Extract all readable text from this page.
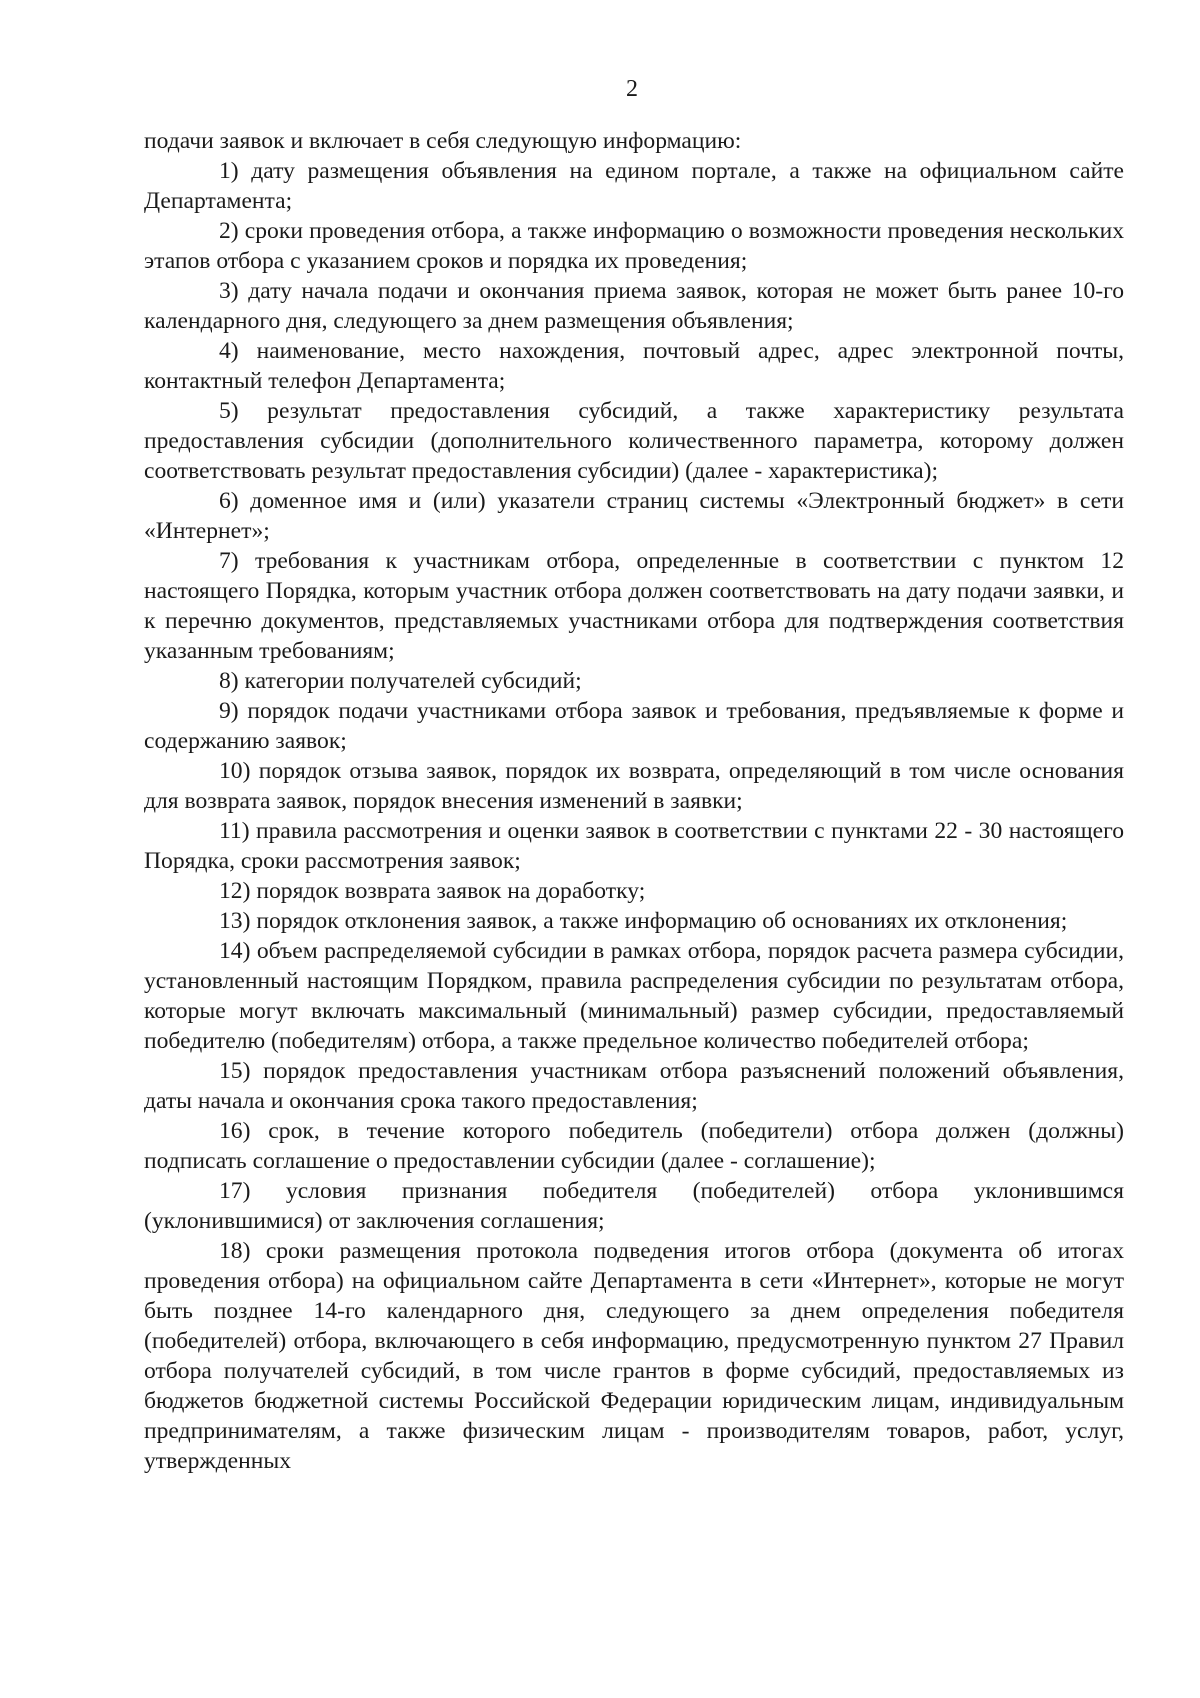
2

подачи заявок и включает в себя следующую информацию:

1) дату размещения объявления на едином портале, а также на официальном сайте Департамента;

2) сроки проведения отбора, а также информацию о возможности проведения нескольких этапов отбора с указанием сроков и порядка их проведения;

3) дату начала подачи и окончания приема заявок, которая не может быть ранее 10-го календарного дня, следующего за днем размещения объявления;

4) наименование, место нахождения, почтовый адрес, адрес электронной почты, контактный телефон Департамента;

5) результат предоставления субсидий, а также характеристику результата предоставления субсидии (дополнительного количественного параметра, которому должен соответствовать результат предоставления субсидии) (далее - характеристика);

6) доменное имя и (или) указатели страниц системы «Электронный бюджет» в сети «Интернет»;

7) требования к участникам отбора, определенные в соответствии с пунктом 12 настоящего Порядка, которым участник отбора должен соответствовать на дату подачи заявки, и к перечню документов, представляемых участниками отбора для подтверждения соответствия указанным требованиям;

8) категории получателей субсидий;

9) порядок подачи участниками отбора заявок и требования, предъявляемые к форме и содержанию заявок;

10) порядок отзыва заявок, порядок их возврата, определяющий в том числе основания для возврата заявок, порядок внесения изменений в заявки;

11) правила рассмотрения и оценки заявок в соответствии с пунктами 22 - 30 настоящего Порядка, сроки рассмотрения заявок;

12) порядок возврата заявок на доработку;

13) порядок отклонения заявок, а также информацию об основаниях их отклонения;

14) объем распределяемой субсидии в рамках отбора, порядок расчета размера субсидии, установленный настоящим Порядком, правила распределения субсидии по результатам отбора, которые могут включать максимальный (минимальный) размер субсидии, предоставляемый победителю (победителям) отбора, а также предельное количество победителей отбора;

15) порядок предоставления участникам отбора разъяснений положений объявления, даты начала и окончания срока такого предоставления;

16) срок, в течение которого победитель (победители) отбора должен (должны) подписать соглашение о предоставлении субсидии (далее - соглашение);

17) условия признания победителя (победителей) отбора уклонившимся (уклонившимися) от заключения соглашения;

18) сроки размещения протокола подведения итогов отбора (документа об итогах проведения отбора) на официальном сайте Департамента в сети «Интернет», которые не могут быть позднее 14-го календарного дня, следующего за днем определения победителя (победителей) отбора, включающего в себя информацию, предусмотренную пунктом 27 Правил отбора получателей субсидий, в том числе грантов в форме субсидий, предоставляемых из бюджетов бюджетной системы Российской Федерации юридическим лицам, индивидуальным предпринимателям, а также физическим лицам - производителям товаров, работ, услуг, утвержденных
